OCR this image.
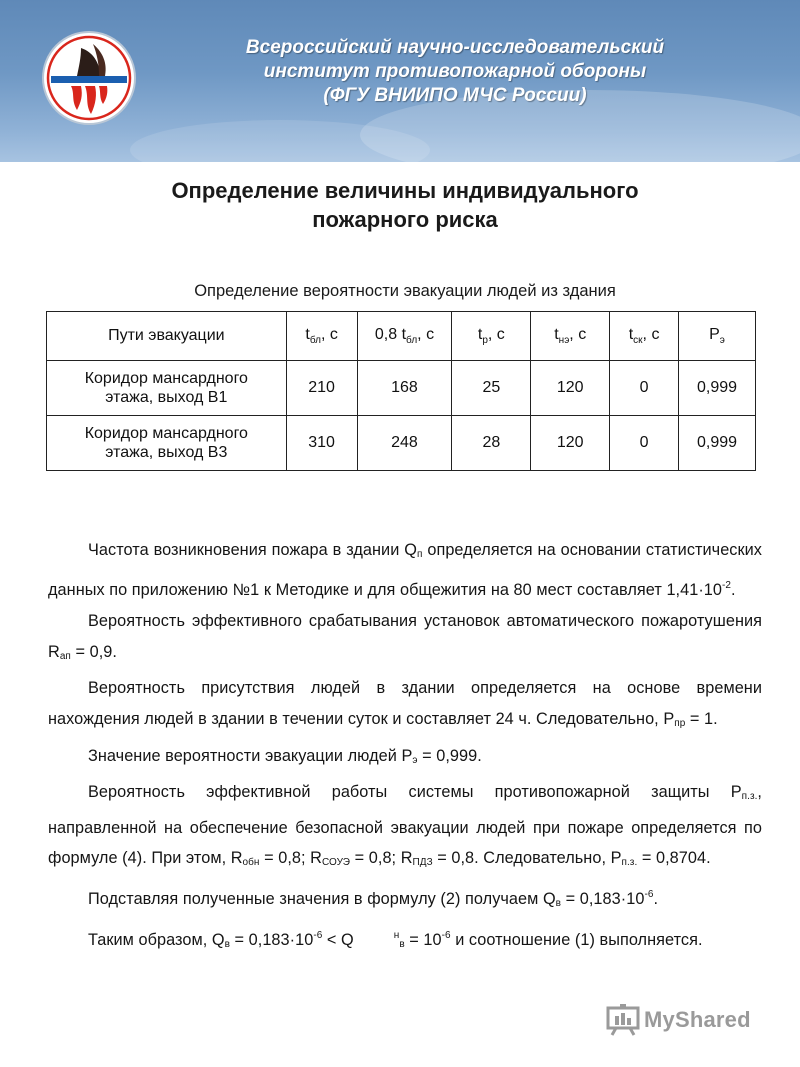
Всероссийский научно-исследовательский
институт противопожарной обороны
(ФГУ ВНИИПО МЧС России)
Определение величины индивидуального
пожарного риска
Определение вероятности эвакуации людей из здания
Пути эвакуации	$t_{бл}$, с	0,8 $t_{бл}$, с	$t_р$, с	$t_{нэ}$, с	$t_{ск}$, с	$P_э$

Коридор мансардного
этажа, выход В1	210	168	25	120	0	0,999

Коридор мансардного
этажа, выход В3	310	248	28	120	0	0,999

Частота возникновения пожара в здании $Q_п$ определяется на основании статистических данных по приложению №1 к Методике и для общежития на 80 мест составляет $1,41\cdot 10^{-2}$.

Вероятность эффективного срабатывания установок автоматического пожаротушения $R_{ап} = 0,9$.

Вероятность присутствия людей в здании определяется на основе времени нахождения людей в здании в течении суток и составляет 24 ч. Следовательно, $Р_{пр} = 1$.

Значение вероятности эвакуации людей $Р_э = 0,999$.

Вероятность эффективной работы системы противопожарной защиты $Р_{п.з.}$, направленной на обеспечение безопасной эвакуации людей при пожаре определяется по формуле (4). При этом, $R_{обн} = 0,8$; $R_{СОУЭ} = 0,8$; $R_{ПДЗ} = 0,8$. Следовательно, $Р_{п.з.} = 0,8704$.

Подставляя полученные значения в формулу (2) получаем $Q_в = 0,183\cdot 10^{-6}$.

Таким образом, $Q_в = 0,183\cdot 10^{-6} < Q$	$^н_в = 10^{-6}$ и соотношение (1) выполняется.

MyShared
